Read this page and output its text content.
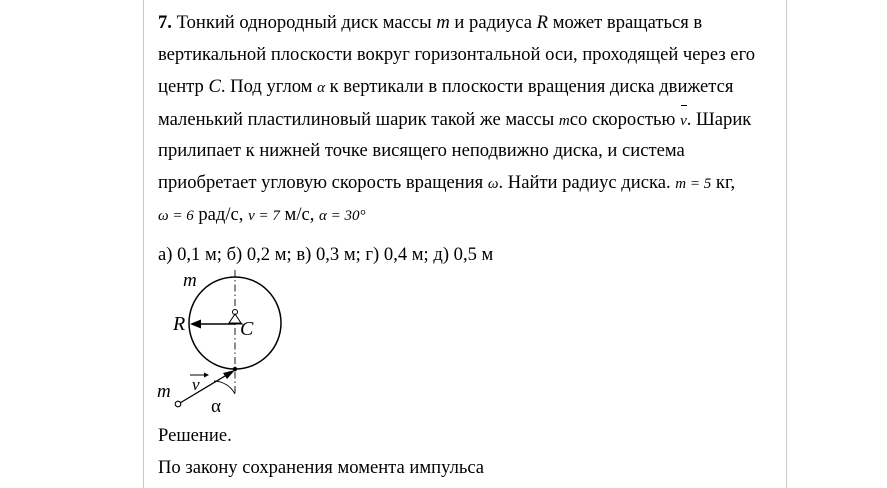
7. Тонкий однородный диск массы m и радиуса R может вращаться в
вертикальной плоскости вокруг горизонтальной оси, проходящей через его
центр C. Под углом α к вертикали в плоскости вращения диска движется
маленький пластилиновый шарик такой же массы mсо скоростью v. Шарик
прилипает к нижней точке висящего неподвижно диска, и система
приобретает угловую скорость вращения ω. Найти радиус диска. m = 5 кг,
ω = 6 рад/с, v = 7 м/с, α = 30°
а) 0,1 м; б) 0,2 м; в) 0,3 м; г) 0,4 м; д) 0,5 м
m
R	C
v
m
α
Решение.
По закону сохранения момента импульса
